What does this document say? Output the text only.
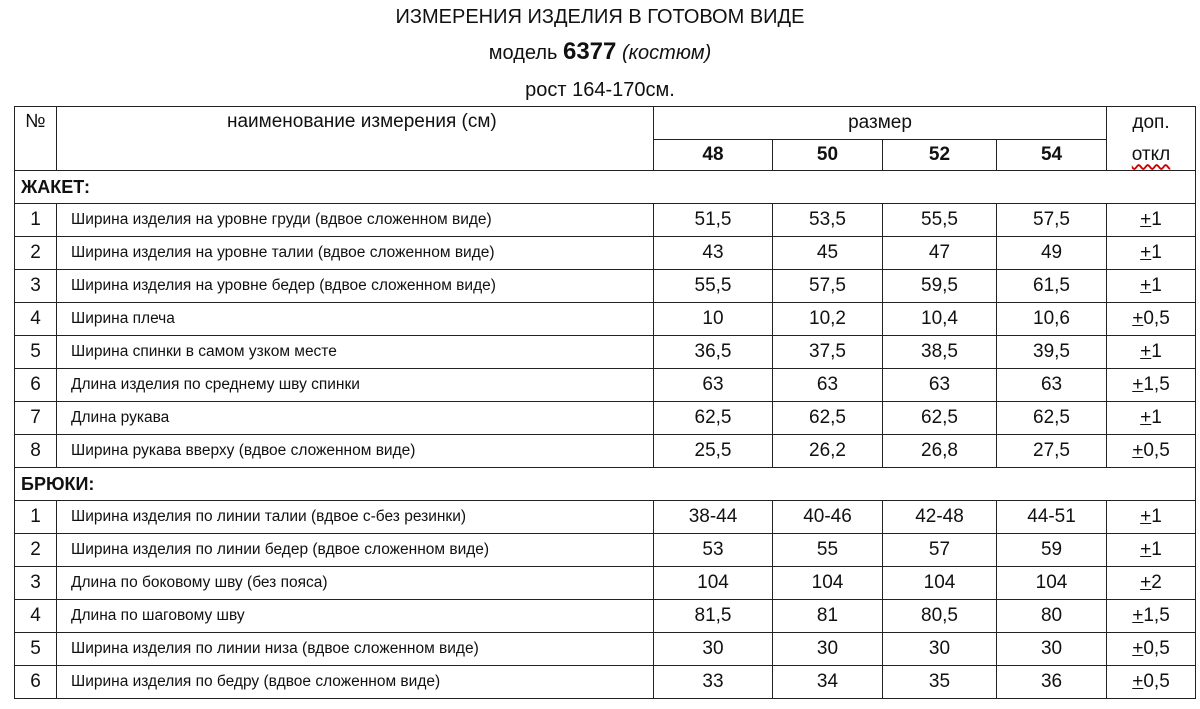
ИЗМЕРЕНИЯ ИЗДЕЛИЯ В ГОТОВОМ ВИДЕ
модель 6377 (костюм)
рост 164-170см.
№	наименование измерения (см)	размер				доп.
		48	50	52	54	откл
ЖАКЕТ:						
1	Ширина изделия на уровне груди (вдвое сложенном виде)	51,5	53,5	55,5	57,5	+1
2	Ширина изделия на уровне талии (вдвое сложенном виде)	43	45	47	49	+1
3	Ширина изделия на уровне бедер (вдвое сложенном виде)	55,5	57,5	59,5	61,5	+1
4	Ширина плеча	10	10,2	10,4	10,6	+0,5
5	Ширина спинки в самом узком месте	36,5	37,5	38,5	39,5	+1
6	Длина изделия по среднему шву спинки	63	63	63	63	+1,5
7	Длина рукава	62,5	62,5	62,5	62,5	+1
8	Ширина рукава вверху (вдвое сложенном виде)	25,5	26,2	26,8	27,5	+0,5
БРЮКИ:						
1	Ширина изделия по линии талии (вдвое с-без резинки)	38-44	40-46	42-48	44-51	+1
2	Ширина изделия по линии бедер (вдвое сложенном виде)	53	55	57	59	+1
3	Длина по боковому шву (без пояса)	104	104	104	104	+2
4	Длина по шаговому шву	81,5	81	80,5	80	+1,5
5	Ширина изделия по линии низа (вдвое сложенном виде)	30	30	30	30	+0,5
6	Ширина изделия по бедру (вдвое сложенном виде)	33	34	35	36	+0,5
